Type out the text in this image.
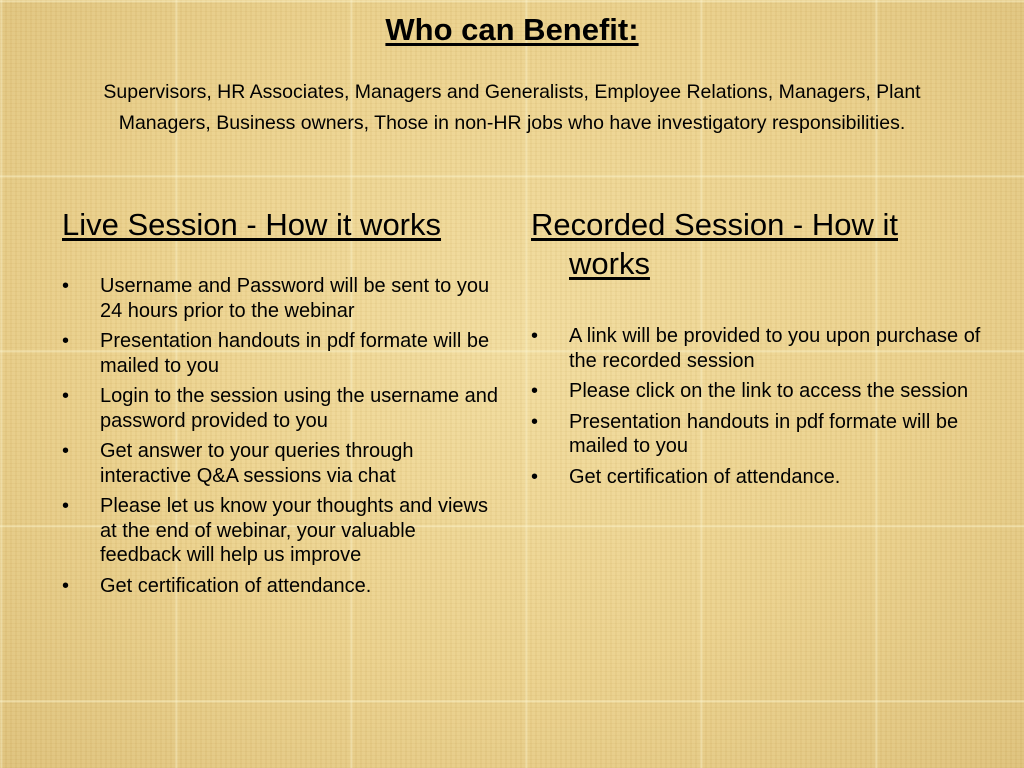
Who can Benefit:
Supervisors, HR Associates, Managers and Generalists, Employee Relations, Managers, Plant Managers, Business owners, Those in non-HR jobs who have investigatory responsibilities.

Live Session - How it works

•	Username and Password will be sent to you 24 hours prior to the webinar
•	Presentation handouts in pdf formate will be mailed to you
•	Login to the session using the username and password provided to you
•	Get answer to your queries through interactive Q&A sessions via chat
•	Please let us know your thoughts and views at the end of webinar, your valuable feedback will help us improve
•	Get certification of attendance.

Recorded Session - How it works

•	A link will be provided to you upon purchase of the recorded session
•	Please click on the link to access the session
•	Presentation handouts in pdf formate will be mailed to you
•	Get certification of attendance.
